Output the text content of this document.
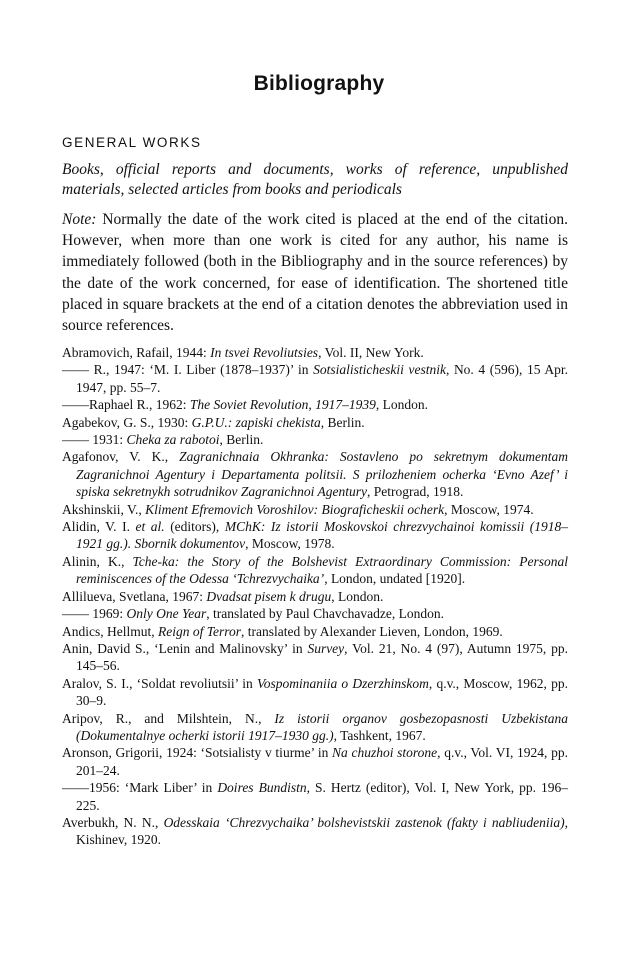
Bibliography
GENERAL WORKS
Books, official reports and documents, works of reference, unpublished materials, selected articles from books and periodicals
Note: Normally the date of the work cited is placed at the end of the citation. However, when more than one work is cited for any author, his name is immediately followed (both in the Bibliography and in the source references) by the date of the work concerned, for ease of identification. The shortened title placed in square brackets at the end of a citation denotes the abbreviation used in source references.
Abramovich, Rafail, 1944: In tsvei Revoliutsies, Vol. II, New York.
—— R., 1947: ‘M. I. Liber (1878–1937)’ in Sotsialisticheskii vestnik, No. 4 (596), 15 Apr. 1947, pp. 55–7.
——Raphael R., 1962: The Soviet Revolution, 1917–1939, London.
Agabekov, G. S., 1930: G.P.U.: zapiski chekista, Berlin.
—— 1931: Cheka za rabotoi, Berlin.
Agafonov, V. K., Zagranichnaia Okhranka: Sostavleno po sekretnym dokumentam Zagranichnoi Agentury i Departamenta politsii. S prilozheniem ocherka ‘Evno Azef’ i spiska sekretnykh sotrudnikov Zagranichnoi Agentury, Petrograd, 1918.
Akshinskii, V., Kliment Efremovich Voroshilov: Biograficheskii ocherk, Moscow, 1974.
Alidin, V. I. et al. (editors), MChK: Iz istorii Moskovskoi chrezvychainoi komissii (1918–1921 gg.). Sbornik dokumentov, Moscow, 1978.
Alinin, K., Tche-ka: the Story of the Bolshevist Extraordinary Commission: Personal reminiscences of the Odessa ‘Tchrezvychaika’, London, undated [1920].
Allilueva, Svetlana, 1967: Dvadsat pisem k drugu, London.
—— 1969: Only One Year, translated by Paul Chavchavadze, London.
Andics, Hellmut, Reign of Terror, translated by Alexander Lieven, London, 1969.
Anin, David S., ‘Lenin and Malinovsky’ in Survey, Vol. 21, No. 4 (97), Autumn 1975, pp. 145–56.
Aralov, S. I., ‘Soldat revoliutsii’ in Vospominaniia o Dzerzhinskom, q.v., Moscow, 1962, pp. 30–9.
Aripov, R., and Milshtein, N., Iz istorii organov gosbezopasnosti Uzbekistana (Dokumentalnye ocherki istorii 1917–1930 gg.), Tashkent, 1967.
Aronson, Grigorii, 1924: ‘Sotsialisty v tiurme’ in Na chuzhoi storone, q.v., Vol. VI, 1924, pp. 201–24.
——1956: ‘Mark Liber’ in Doires Bundistn, S. Hertz (editor), Vol. I, New York, pp. 196–225.
Averbukh, N. N., Odesskaia ‘Chrezvychaika’ bolshevistskii zastenok (fakty i nabliudeniia), Kishinev, 1920.
